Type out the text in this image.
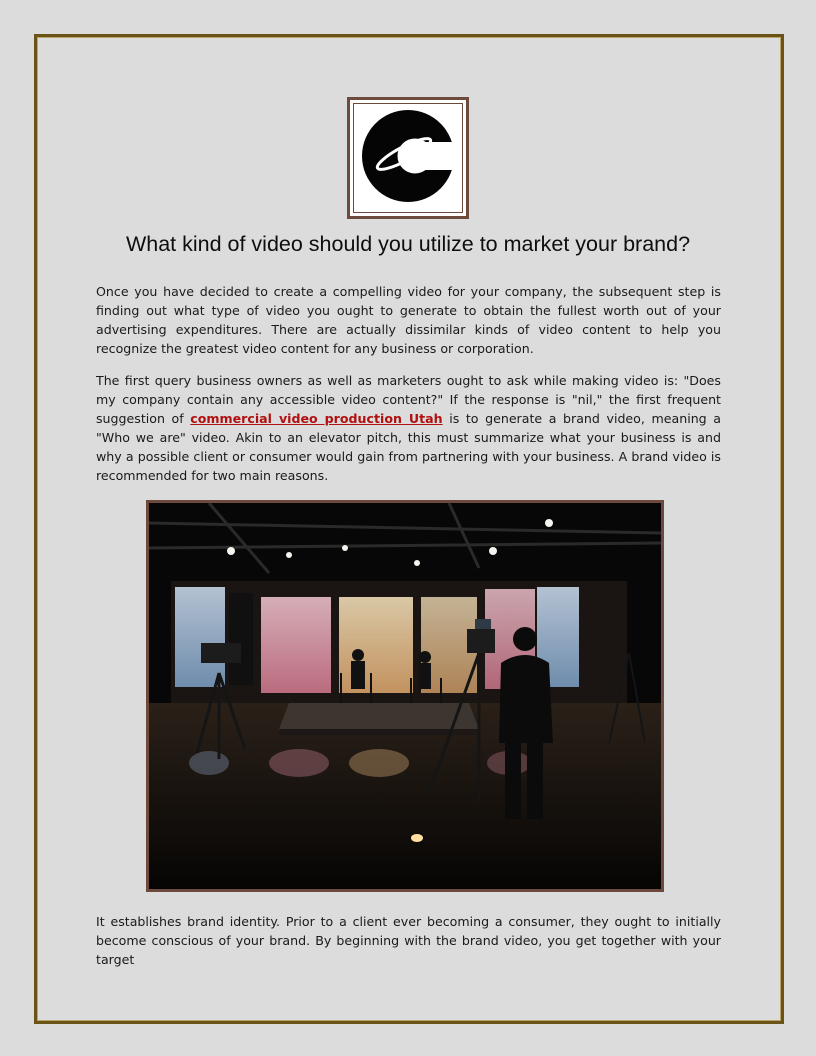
What kind of video should you utilize to market your brand?

Once you have decided to create a compelling video for your company, the subsequent step is finding out what type of video you ought to generate to obtain the fullest worth out of your advertising expenditures. There are actually dissimilar kinds of video content to help you recognize the greatest video content for any business or corporation.

The first query business owners as well as marketers ought to ask while making video is: "Does my company contain any accessible video content?" If the response is "nil," the first frequent suggestion of commercial video production Utah is to generate a brand video, meaning a "Who we are" video. Akin to an elevator pitch, this must summarize what your business is and why a possible client or consumer would gain from partnering with your business. A brand video is recommended for two main reasons.

It establishes brand identity. Prior to a client ever becoming a consumer, they ought to initially become conscious of your brand. By beginning with the brand video, you get together with your target
